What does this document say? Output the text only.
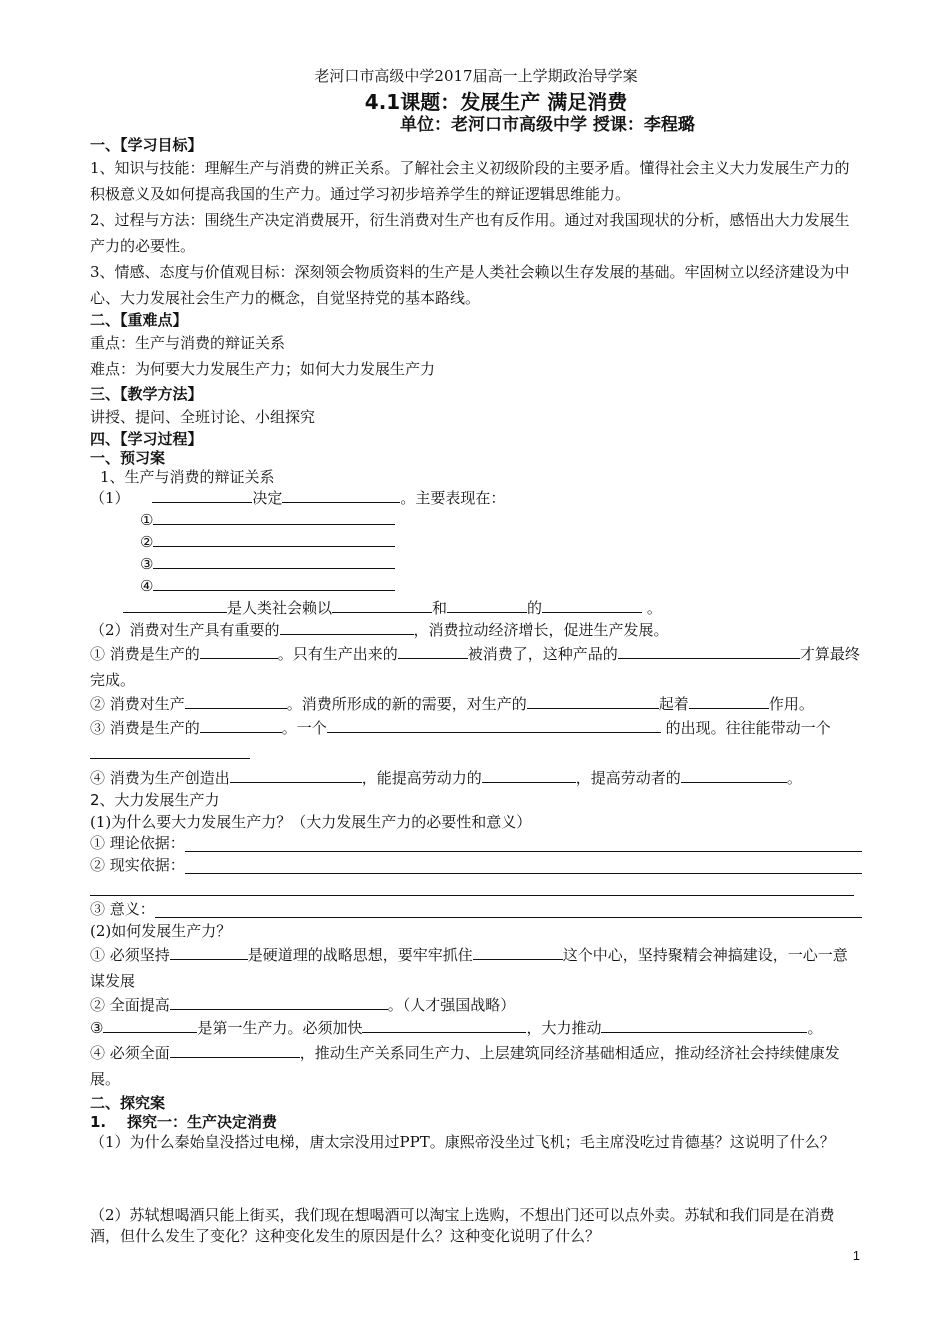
老河口市高级中学2017届高一上学期政治导学案

4.1课题：发展生产 满足消费

单位：老河口市高级中学 授课：李程璐

一、【学习目标】

1、知识与技能：理解生产与消费的辨正关系。了解社会主义初级阶段的主要矛盾。懂得社会主义大力发展生产力的积极意义及如何提高我国的生产力。通过学习初步培养学生的辩证逻辑思维能力。

2、过程与方法：围绕生产决定消费展开，衍生消费对生产也有反作用。通过对我国现状的分析，感悟出大力发展生产力的必要性。

3、情感、态度与价值观目标：深刻领会物质资料的生产是人类社会赖以生存发展的基础。牢固树立以经济建设为中心、大力发展社会生产力的概念，自觉坚持党的基本路线。

二、【重难点】

重点：生产与消费的辩证关系

难点：为何要大力发展生产力；如何大力发展生产力

三、【教学方法】

讲授、提问、全班讨论、小组探究

四、【学习过程】

一、预习案

1、生产与消费的辩证关系

（1）	决定	。主要表现在：

①

②

③

④

是人类社会赖以	和	的	。

（2）消费对生产具有重要的	，消费拉动经济增长，促进生产发展。

① 消费是生产的	。只有生产出来的	被消费了，这种产品的	才算最终完成。

② 消费对生产	。消费所形成的新的需要，对生产的	起着	作用。

③ 消费是生产的	。一个	的出现。往往能带动一个

④ 消费为生产创造出	，能提高劳动力的	，提高劳动者的	。

2、大力发展生产力

(1)为什么要大力发展生产力？（大力发展生产力的必要性和意义）

① 理论依据：
② 现实依据：
③ 意义：

(2)如何发展生产力？

① 必须坚持	是硬道理的战略思想，要牢牢抓住	这个中心，坚持聚精会神搞建设，一心一意谋发展

② 全面提高	。（人才强国战略）

③	是第一生产力。必须加快	，大力推动	。

④ 必须全面	，推动生产关系同生产力、上层建筑同经济基础相适应，推动经济社会持续健康发展。

二、探究案

1. 探究一：生产决定消费

（1）为什么秦始皇没搭过电梯，唐太宗没用过PPT。康熙帝没坐过飞机；毛主席没吃过肯德基？这说明了什么？

（2）苏轼想喝酒只能上街买，我们现在想喝酒可以淘宝上选购，不想出门还可以点外卖。苏轼和我们同是在消费酒，但什么发生了变化？这种变化发生的原因是什么？这种变化说明了什么？

1
